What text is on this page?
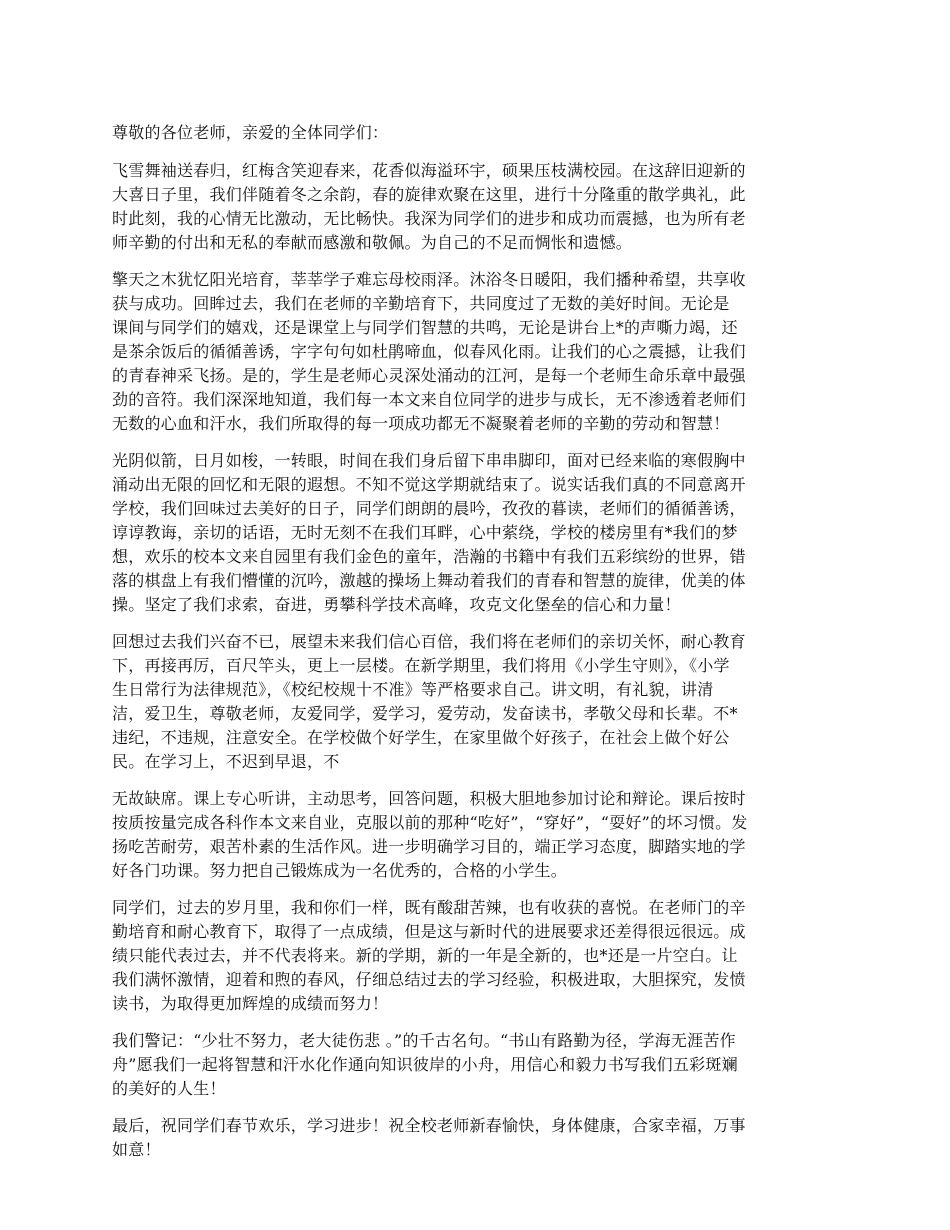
尊敬的各位老师，亲爱的全体同学们：

飞雪舞袖送春归，红梅含笑迎春来，花香似海溢环宇，硕果压枝满校园。在这辞旧迎新的

大喜日子里，我们伴随着冬之余韵，春的旋律欢聚在这里，进行十分隆重的散学典礼，此

时此刻，我的心情无比激动，无比畅快。我深为同学们的进步和成功而震撼，也为所有老

师辛勤的付出和无私的奉献而感激和敬佩。为自己的不足而惆怅和遗憾。

擎天之木犹忆阳光培育，莘莘学子难忘母校雨泽。沐浴冬日暖阳，我们播种希望，共享收

获与成功。回眸过去，我们在老师的辛勤培育下，共同度过了无数的美好时间。无论是

课间与同学们的嬉戏，还是课堂上与同学们智慧的共鸣，无论是讲台上*的声嘶力竭，还

是茶余饭后的循循善诱，字字句句如杜鹃啼血，似春风化雨。让我们的心之震撼，让我们

的青春神采飞扬。是的，学生是老师心灵深处涌动的江河，是每一个老师生命乐章中最强

劲的音符。我们深深地知道，我们每一本文来自位同学的进步与成长，无不渗透着老师们

无数的心血和汗水，我们所取得的每一项成功都无不凝聚着老师的辛勤的劳动和智慧！

光阴似箭，日月如梭，一转眼，时间在我们身后留下串串脚印，面对已经来临的寒假胸中

涌动出无限的回忆和无限的遐想。不知不觉这学期就结束了。说实话我们真的不同意离开

学校，我们回味过去美好的日子，同学们朗朗的晨吟，孜孜的暮读，老师们的循循善诱，

谆谆教诲，亲切的话语，无时无刻不在我们耳畔，心中萦绕，学校的楼房里有*我们的梦

想，欢乐的校本文来自园里有我们金色的童年，浩瀚的书籍中有我们五彩缤纷的世界，错

落的棋盘上有我们懵懂的沉吟，激越的操场上舞动着我们的青春和智慧的旋律，优美的体

操。坚定了我们求索，奋进，勇攀科学技术高峰，攻克文化堡垒的信心和力量！

回想过去我们兴奋不已，展望未来我们信心百倍，我们将在老师们的亲切关怀，耐心教育

下，再接再厉，百尺竿头，更上一层楼。在新学期里，我们将用《小学生守则》，《小学

生日常行为法律规范》，《校纪校规十不准》等严格要求自己。讲文明，有礼貌，讲清

洁，爱卫生，尊敬老师，友爱同学，爱学习，爱劳动，发奋读书，孝敬父母和长辈。不*

违纪，不违规，注意安全。在学校做个好学生，在家里做个好孩子，在社会上做个好公

民。在学习上，不迟到早退，不

无故缺席。课上专心听讲，主动思考，回答问题，积极大胆地参加讨论和辩论。课后按时

按质按量完成各科作本文来自业，克服以前的那种“吃好”，“穿好”，“耍好”的坏习惯。发

扬吃苦耐劳，艰苦朴素的生活作风。进一步明确学习目的，端正学习态度，脚踏实地的学

好各门功课。努力把自己锻炼成为一名优秀的，合格的小学生。

同学们，过去的岁月里，我和你们一样，既有酸甜苦辣，也有收获的喜悦。在老师门的辛

勤培育和耐心教育下，取得了一点成绩，但是这与新时代的进展要求还差得很远很远。成

绩只能代表过去，并不代表将来。新的学期，新的一年是全新的，也*还是一片空白。让

我们满怀激情，迎着和煦的春风，仔细总结过去的学习经验，积极进取，大胆探究，发愤

读书，为取得更加辉煌的成绩而努力！

我们警记：“少壮不努力，老大徒伤悲 。”的千古名句。“书山有路勤为径，学海无涯苦作

舟”愿我们一起将智慧和汗水化作通向知识彼岸的小舟，用信心和毅力书写我们五彩斑斓

的美好的人生！

最后，祝同学们春节欢乐，学习进步！祝全校老师新春愉快，身体健康，合家幸福，万事

如意！
